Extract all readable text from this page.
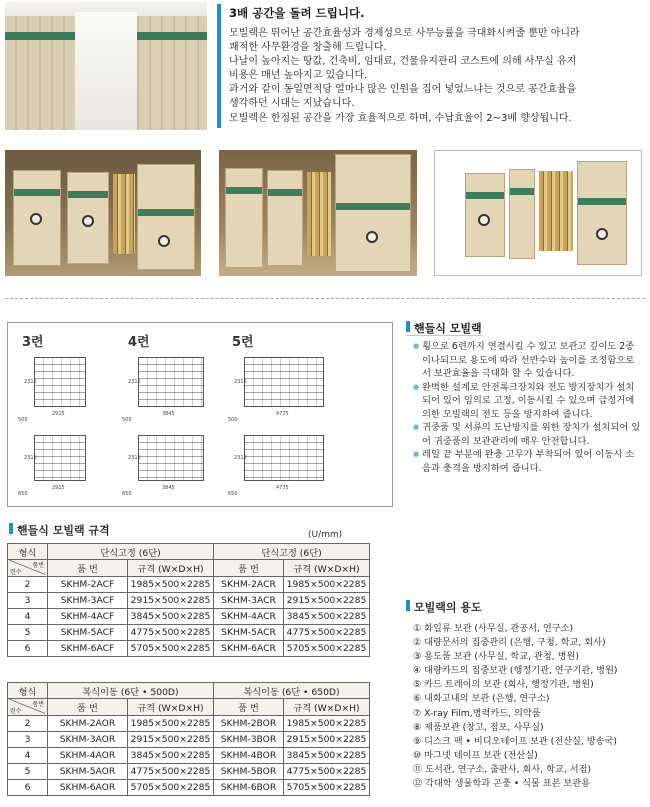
3배 공간을 돌려 드립니다.

모빌랙은 뛰어난 공간효율성과 경제성으로 사무능률을 극대화시켜줄 뿐만 아니라

쾌적한 사무환경을 창출해 드립니다.

나날이 높아지는 땅값, 건축비, 임대료, 건물유지관리 코스트에 의해 사무실 유지

비용은 매년 높아지고 있습니다.

과거와 같이 동일면적당 얼마나 많은 인원을 집어 넣었느냐는 것으로 공간효율을

생각하던 시대는 지났습니다.

모빌렉은 한정된 공간을 가장 효율적으로 하며, 수납효율이 2~3배 향상됩니다.

3련	4련	5련
2315	2315	2315
2915	3845	4775
500	500	500
2315	2315	2315
2915	3845	4775
650	650	650
핸들식 모빌랙
● 횡으로 6련까지 연결시킬 수 있고 보관고 깊이도 2종이나되므로 용도에 따라 선반수와 높이를 조정함으로서 보관효율을 극대화 할 수 있습니다.
● 완벽한 설계로 안전록크장치와 전도 방지장치가 설치되어 있어 임의로 고정, 이동시킬 수 있으며 급정거에 의한 모빌랙의 전도 등을 방지하여 줍니다.
● 귀중품 및 서류의 도난방지를 위한 장치가 설치되어 있어 귀중품의 보관관리에 매우 안전합니다.
● 레일 끝 부분에 완충 고무가 부착되어 있어 이동시 소음과 충격을 방지하여 줍니다.
핸들식 모빌랙 규격	(U/mm)
형식	단식고정 (6단)		단식고정 (6단)	

품번
련수	품 번	규격 (W×D×H)	품 번	규격 (W×D×H)
2	SKHM-2ACF	1985×500×2285	SKHM-2ACR	1985×500×2285
3	SKHM-3ACF	2915×500×2285	SKHM-3ACR	2915×500×2285
4	SKHM-4ACF	3845×500×2285	SKHM-4ACR	3845×500×2285
5	SKHM-5ACF	4775×500×2285	SKHM-5ACR	4775×500×2285
6	SKHM-6ACF	5705×500×2285	SKHM-6ACR	5705×500×2285
형식	복식이동 (6단 • 500D)		복식이동 (6단 • 650D)	

품번
련수	품 번	규격 (W×D×H)	품 번	규격 (W×D×H)
2	SKHM-2AOR	1985×500×2285	SKHM-2BOR	1985×500×2285
3	SKHM-3AOR	2915×500×2285	SKHM-3BOR	2915×500×2285
4	SKHM-4AOR	3845×500×2285	SKHM-4BOR	3845×500×2285
5	SKHM-5AOR	4775×500×2285	SKHM-5BOR	4775×500×2285
6	SKHM-6AOR	5705×500×2285	SKHM-6BOR	5705×500×2285
모빌랙의 용도
① 화일류 보관 (사무실, 관공서, 연구소)
② 대량문서의 집중관리 (은행, 구청, 학교, 회사)
③ 용도품 보관 (사무실, 학교, 관청, 병원)
④ 대량카드의 집중보관 (행정기관, 연구기관, 병원)
⑤ 카드 트레이의 보관 (회사, 행정기관, 병원)
⑥ 내화고내의 보관 (은행, 연구소)
⑦ X-ray Film,병력카드, 의약품
⑧ 제품보관 (창고, 점포, 사무실)
⑨ 디스크 팩 • 비디오테이프 보관 (전산실, 방송국)
⑩ 마그넷 테이프 보관 (전산실)
⑪ 도서관, 연구소, 출판사, 회사, 학교, 서점)
⑫ 각대학 생물학과 곤충 • 식물 표본 보관용
